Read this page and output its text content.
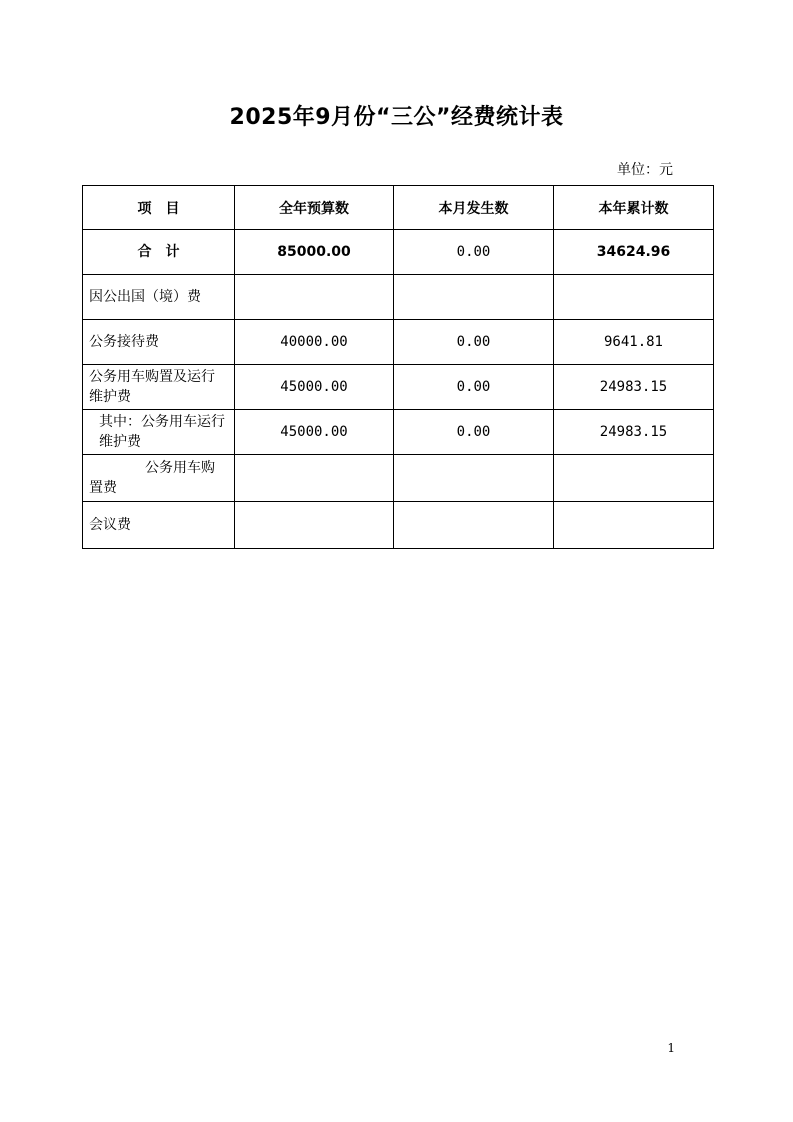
2025年9月份“三公”经费统计表
单位：元
项　目	全年预算数	本月发生数	本年累计数
合　计	85000.00	0.00	34624.96
因公出国（境）费			
公务接待费	40000.00	0.00	9641.81
公务用车购置及运行维护费	45000.00	0.00	24983.15
其中：公务用车运行维护费	45000.00	0.00	24983.15
公务用车购置费			
会议费			
1
